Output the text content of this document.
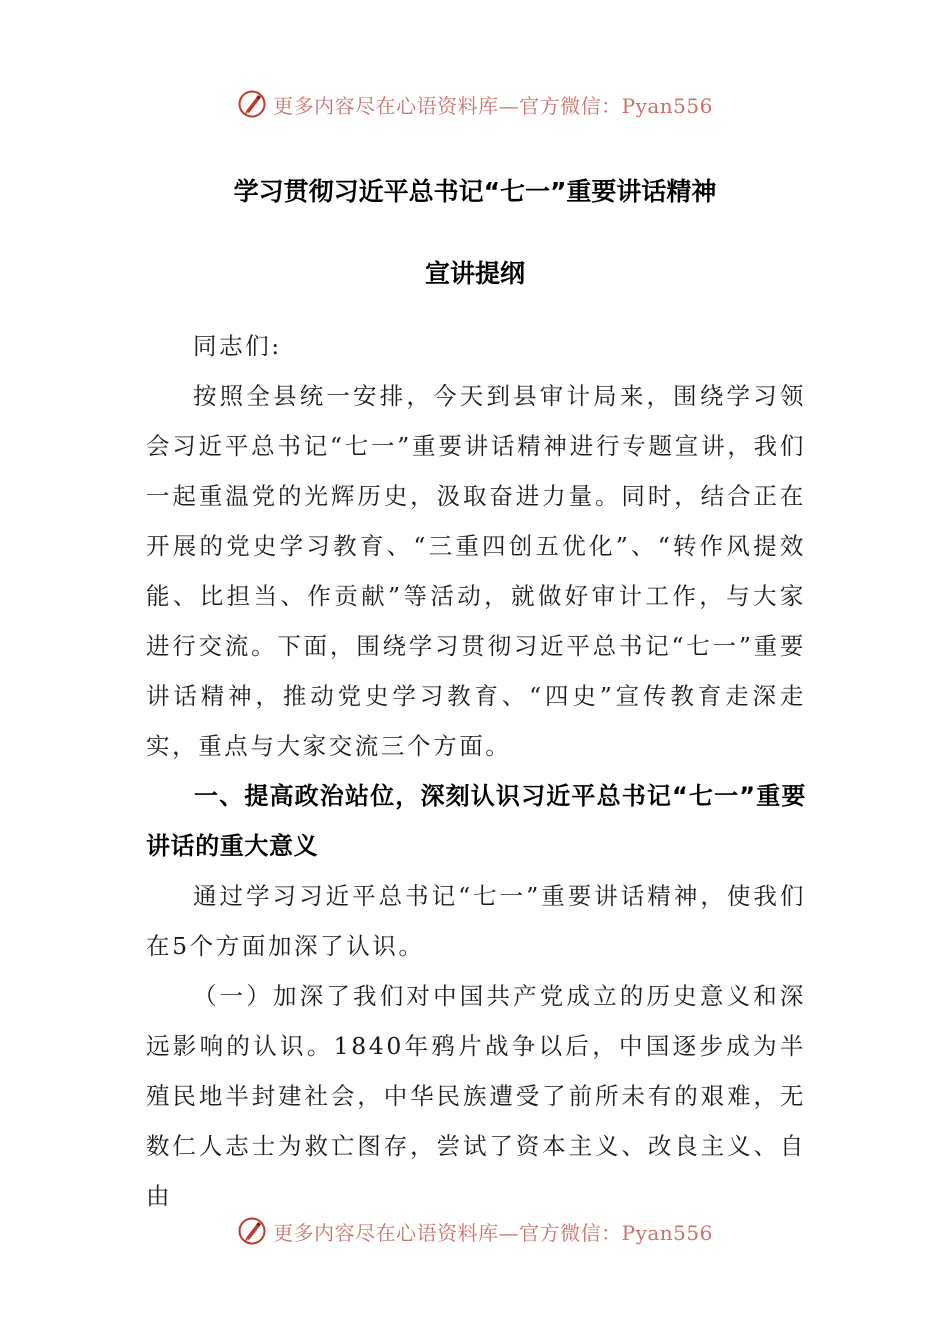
更多内容尽在心语资料库—官方微信：Pyan556
学习贯彻习近平总书记“七一”重要讲话精神
宣讲提纲

同志们:

按照全县统一安排，今天到县审计局来，围绕学习领会习近平总书记“七一”重要讲话精神进行专题宣讲，我们一起重温党的光辉历史，汲取奋进力量。同时，结合正在开展的党史学习教育、“三重四创五优化”、“转作风提效能、比担当、作贡献”等活动，就做好审计工作，与大家进行交流。下面，围绕学习贯彻习近平总书记“七一”重要讲话精神，推动党史学习教育、“四史”宣传教育走深走实，重点与大家交流三个方面。

一、提高政治站位，深刻认识习近平总书记“七一”重要讲话的重大意义

通过学习习近平总书记“七一”重要讲话精神，使我们在5个方面加深了认识。

（一）加深了我们对中国共产党成立的历史意义和深远影响的认识。1840年鸦片战争以后，中国逐步成为半殖民地半封建社会，中华民族遭受了前所未有的艰难，无数仁人志士为救亡图存，尝试了资本主义、改良主义、自由

更多内容尽在心语资料库—官方微信：Pyan556
